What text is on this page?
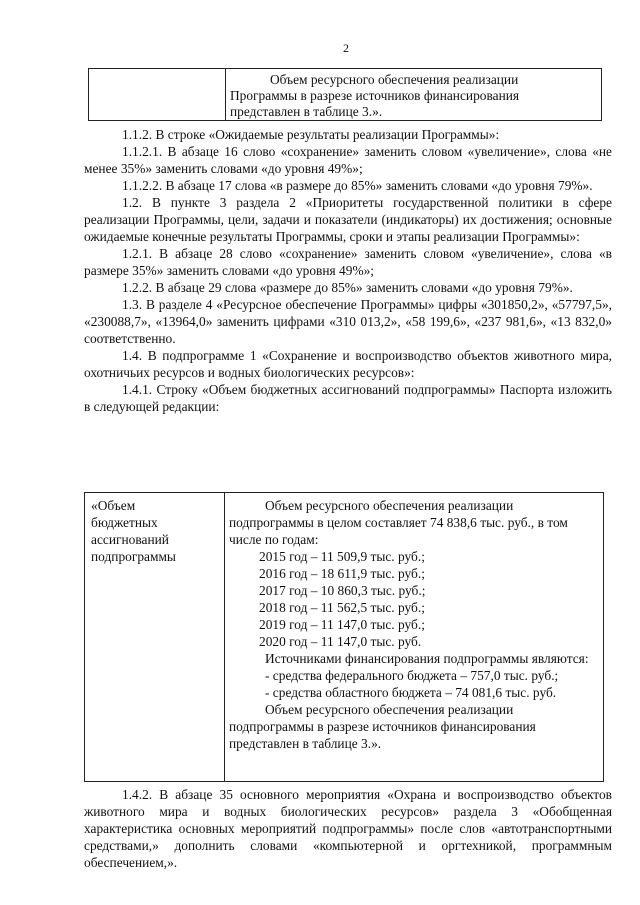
2
Объем ресурсного обеспечения реализации
Программы в разрезе источников финансирования
представлен в таблице 3.».

1.1.2. В строке «Ожидаемые результаты реализации Программы»:

1.1.2.1. В абзаце 16 слово «сохранение» заменить словом «увеличение», слова «не менее 35%» заменить словами «до уровня 49%»;

1.1.2.2. В абзаце 17 слова «в размере до 85%» заменить словами «до уровня 79%».

1.2. В пункте 3 раздела 2 «Приоритеты государственной политики в сфере реализации Программы, цели, задачи и показатели (индикаторы) их достижения; основные ожидаемые конечные результаты Программы, сроки и этапы реализации Программы»:

1.2.1. В абзаце 28 слово «сохранение» заменить словом «увеличение», слова «в размере 35%» заменить словами «до уровня 49%»;

1.2.2. В абзаце 29 слова «размере до 85%» заменить словами «до уровня 79%».

1.3. В разделе 4 «Ресурсное обеспечение Программы» цифры «301850,2», «57797,5», «230088,7», «13964,0» заменить цифрами «310 013,2», «58 199,6», «237 981,6», «13 832,0» соответственно.

1.4. В подпрограмме 1 «Сохранение и воспроизводство объектов животного мира, охотничьих ресурсов и водных биологических ресурсов»:

1.4.1. Строку «Объем бюджетных ассигнований подпрограммы» Паспорта изложить в следующей редакции:

«Объем
бюджетных
ассигнований
подпрограммы

Объем ресурсного обеспечения реализации подпрограммы в целом составляет 74 838,6 тыс. руб., в том числе по годам:

2015 год – 11 509,9 тыс. руб.;

2016 год – 18 611,9 тыс. руб.;

2017 год – 10 860,3 тыс. руб.;

2018 год – 11 562,5 тыс. руб.;

2019 год – 11 147,0 тыс. руб.;

2020 год – 11 147,0 тыс. руб.

Источниками финансирования подпрограммы являются:

- средства федерального бюджета – 757,0 тыс. руб.;

- средства областного бюджета – 74 081,6 тыс. руб.

Объем ресурсного обеспечения реализации подпрограммы в разрезе источников финансирования представлен в таблице 3.».

1.4.2. В абзаце 35 основного мероприятия «Охрана и воспроизводство объектов животного мира и водных биологических ресурсов» раздела 3 «Обобщенная характеристика основных мероприятий подпрограммы» после слов «автотранспортными средствами,» дополнить словами «компьютерной и оргтехникой, программным обеспечением,».
